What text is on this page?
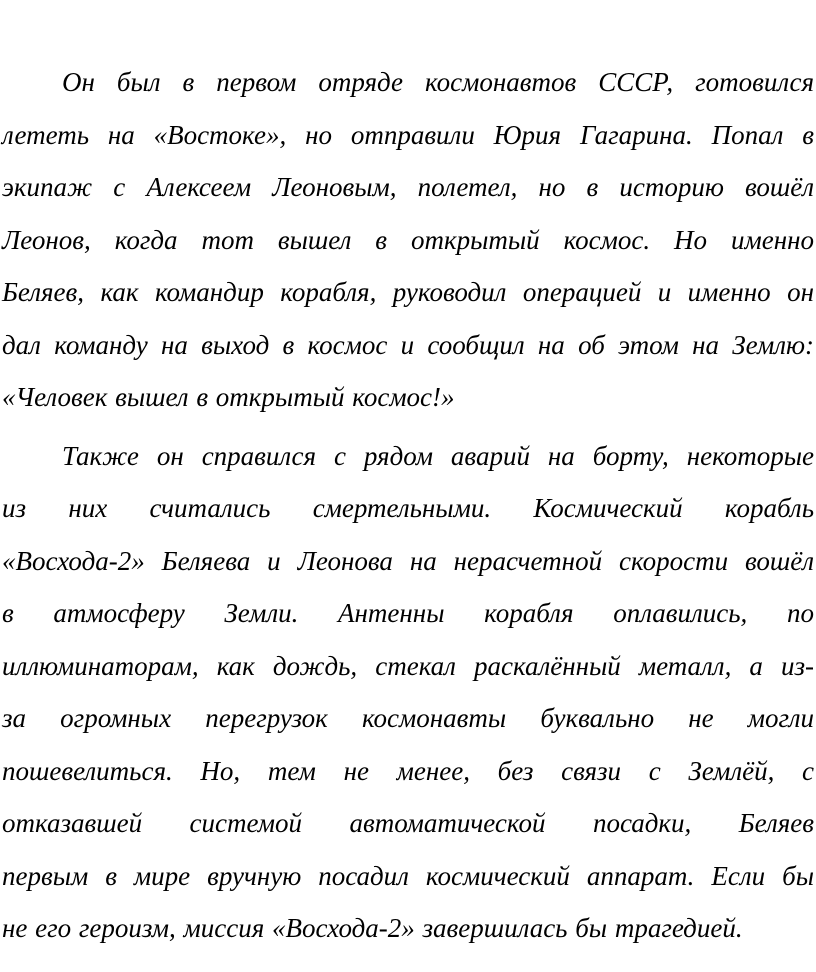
Он был в первом отряде космонавтов СССР, готовился
лететь на «Востоке», но отправили Юрия Гагарина. Попал в
экипаж с Алексеем Леоновым, полетел, но в историю вошёл
Леонов, когда тот вышел в открытый космос. Но именно
Беляев, как командир корабля, руководил операцией и именно он
дал команду на выход в космос и сообщил на об этом на Землю:
«Человек вышел в открытый космос!»
Также он справился с рядом аварий на борту, некоторые
из них считались смертельными. Космический корабль
«Восхода-2» Беляева и Леонова на нерасчетной скорости вошёл
в атмосферу Земли. Антенны корабля оплавились, по
иллюминаторам, как дождь, стекал раскалённый металл, а из-
за огромных перегрузок космонавты буквально не могли
пошевелиться. Но, тем не менее, без связи с Землёй, с
отказавшей системой автоматической посадки, Беляев
первым в мире вручную посадил космический аппарат. Если бы
не его героизм, миссия «Восхода-2» завершилась бы трагедией.
